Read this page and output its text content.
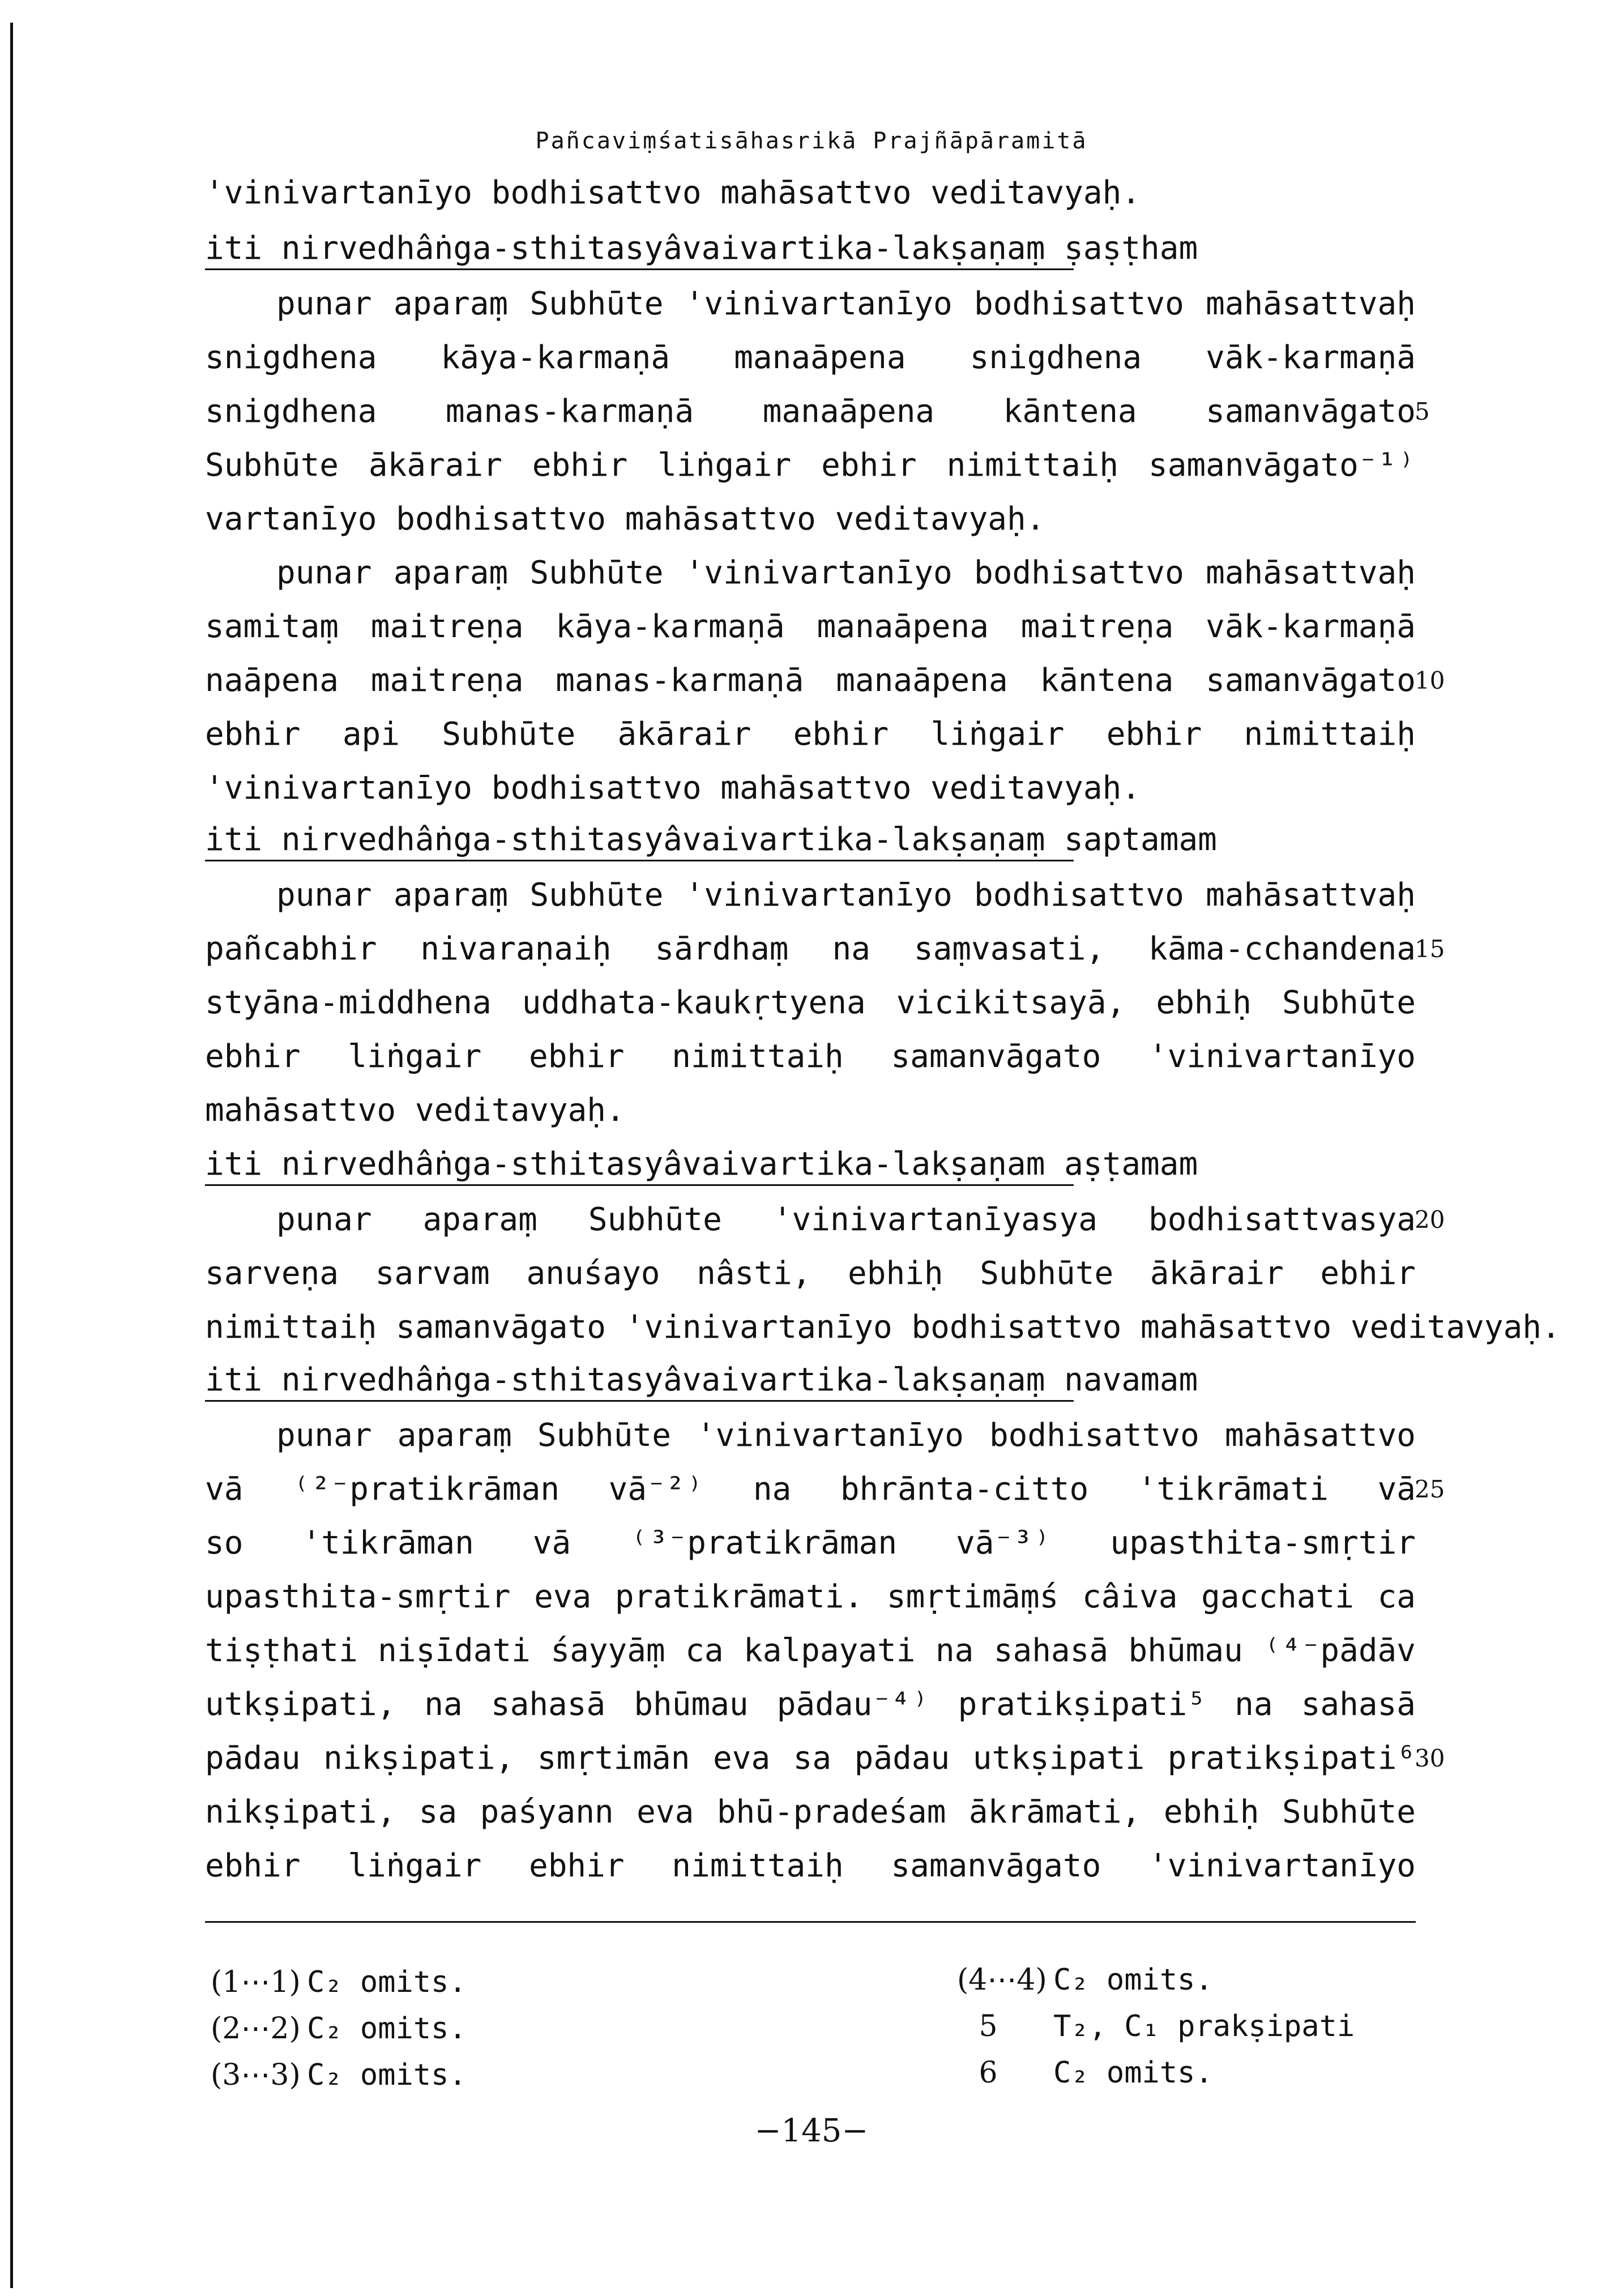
Pañcaviṃśatisāhasrikā Prajñāpāramitā
'vinivartanīyo bodhisattvo mahāsattvo veditavyaḥ.
iti nirvedhâṅga-sthitasyâvaivartika-lakṣaṇaṃ ṣaṣṭham
punar aparaṃ Subhūte 'vinivartanīyo bodhisattvo mahāsattvaḥ
snigdhena kāya-karmaṇā manaāpena snigdhena vāk-karmaṇā
snigdhena manas-karmaṇā manaāpena kāntena samanvāgato
Subhūte ākārair ebhir liṅgair ebhir nimittaiḥ samanvāgato⁻¹⁾
vartanīyo bodhisattvo mahāsattvo veditavyaḥ.
punar aparaṃ Subhūte 'vinivartanīyo bodhisattvo mahāsattvaḥ
samitaṃ maitreṇa kāya-karmaṇā manaāpena maitreṇa vāk-karmaṇā
naāpena maitreṇa manas-karmaṇā manaāpena kāntena samanvāgato
ebhir api Subhūte ākārair ebhir liṅgair ebhir nimittaiḥ
'vinivartanīyo bodhisattvo mahāsattvo veditavyaḥ.
iti nirvedhâṅga-sthitasyâvaivartika-lakṣaṇaṃ saptamam
punar aparaṃ Subhūte 'vinivartanīyo bodhisattvo mahāsattvaḥ
pañcabhir nivaraṇaiḥ sārdhaṃ na saṃvasati, kāma-cchandena
styāna-middhena uddhata-kaukṛtyena vicikitsayā, ebhiḥ Subhūte
ebhir liṅgair ebhir nimittaiḥ samanvāgato 'vinivartanīyo
mahāsattvo veditavyaḥ.
iti nirvedhâṅga-sthitasyâvaivartika-lakṣaṇam aṣṭamam
punar aparaṃ Subhūte 'vinivartanīyasya bodhisattvasya
sarveṇa sarvam anuśayo nâsti, ebhiḥ Subhūte ākārair ebhir
nimittaiḥ samanvāgato 'vinivartanīyo bodhisattvo mahāsattvo veditavyaḥ.
iti nirvedhâṅga-sthitasyâvaivartika-lakṣaṇaṃ navamam
punar aparaṃ Subhūte 'vinivartanīyo bodhisattvo mahāsattvo
vā ⁽²⁻pratikrāman vā⁻²⁾ na bhrānta-citto 'tikrāmati vā
so 'tikrāman vā ⁽³⁻pratikrāman vā⁻³⁾ upasthita-smṛtir
upasthita-smṛtir eva pratikrāmati. smṛtimāṃś câiva gacchati ca
tiṣṭhati niṣīdati śayyāṃ ca kalpayati na sahasā bhūmau ⁽⁴⁻pādāv
utkṣipati, na sahasā bhūmau pādau⁻⁴⁾ pratikṣipati⁵ na sahasā
pādau nikṣipati, smṛtimān eva sa pādau utkṣipati pratikṣipati⁶
nikṣipati, sa paśyann eva bhū-pradeśam ākrāmati, ebhiḥ Subhūte
ebhir liṅgair ebhir nimittaiḥ samanvāgato 'vinivartanīyo
5
10
15
20
25
30
(1⋯1) C₂ omits.
(2⋯2) C₂ omits.
(3⋯3) C₂ omits.
(4⋯4) C₂ omits.
5 T₂, C₁ prakṣipati
6 C₂ omits.
−145−
